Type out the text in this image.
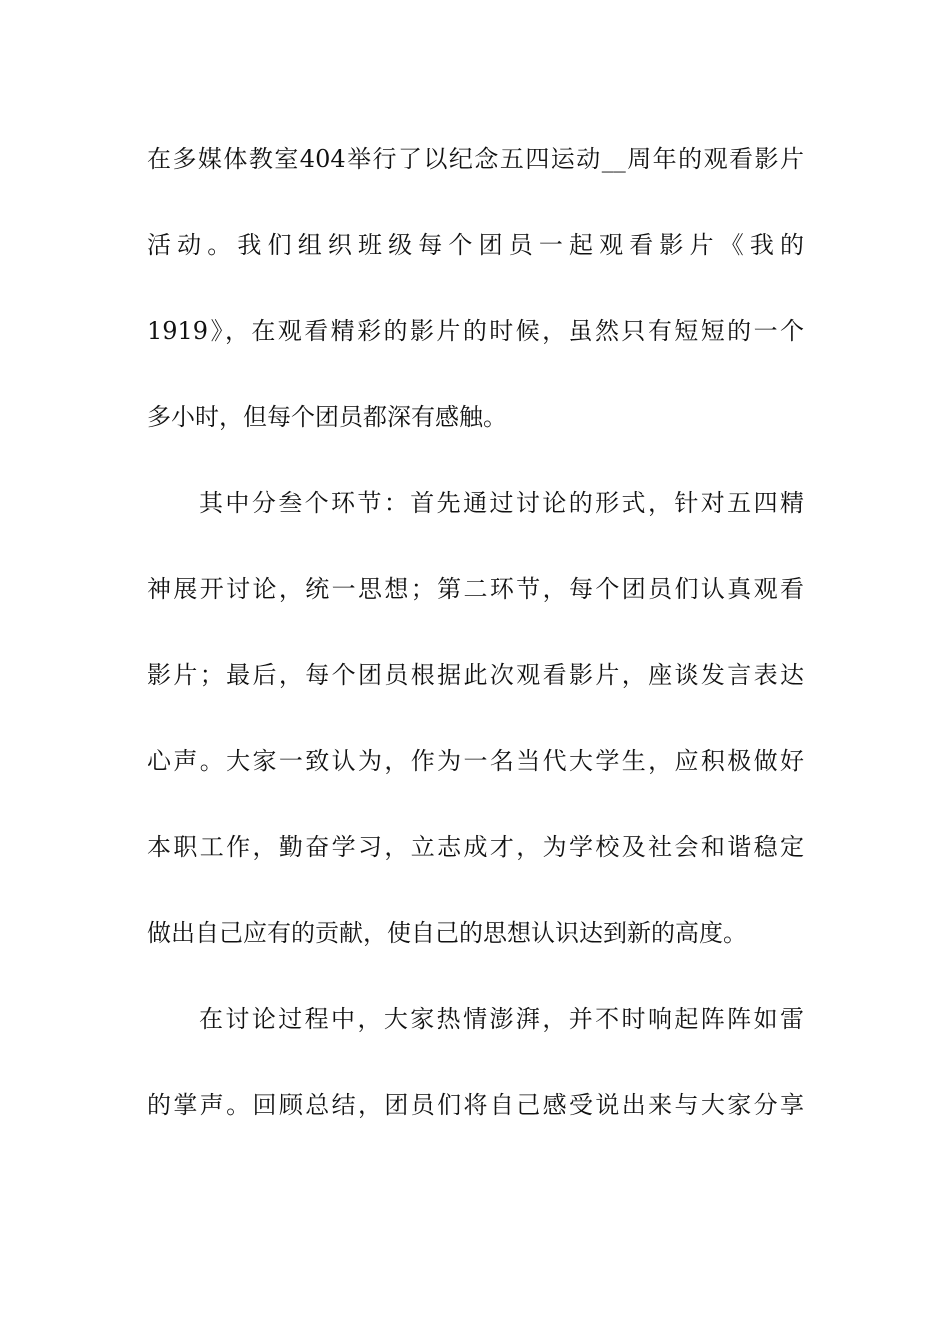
在多媒体教室404举行了以纪念五四运动__周年的观看影片
活动。我们组织班级每个团员一起观看影片《我的
1919》，在观看精彩的影片的时候，虽然只有短短的一个
多小时，但每个团员都深有感触。
其中分叁个环节：首先通过讨论的形式，针对五四精
神展开讨论，统一思想；第二环节，每个团员们认真观看
影片；最后，每个团员根据此次观看影片，座谈发言表达
心声。大家一致认为，作为一名当代大学生，应积极做好
本职工作，勤奋学习，立志成才，为学校及社会和谐稳定
做出自己应有的贡献，使自己的思想认识达到新的高度。
在讨论过程中，大家热情澎湃，并不时响起阵阵如雷
的掌声。回顾总结，团员们将自己感受说出来与大家分享
